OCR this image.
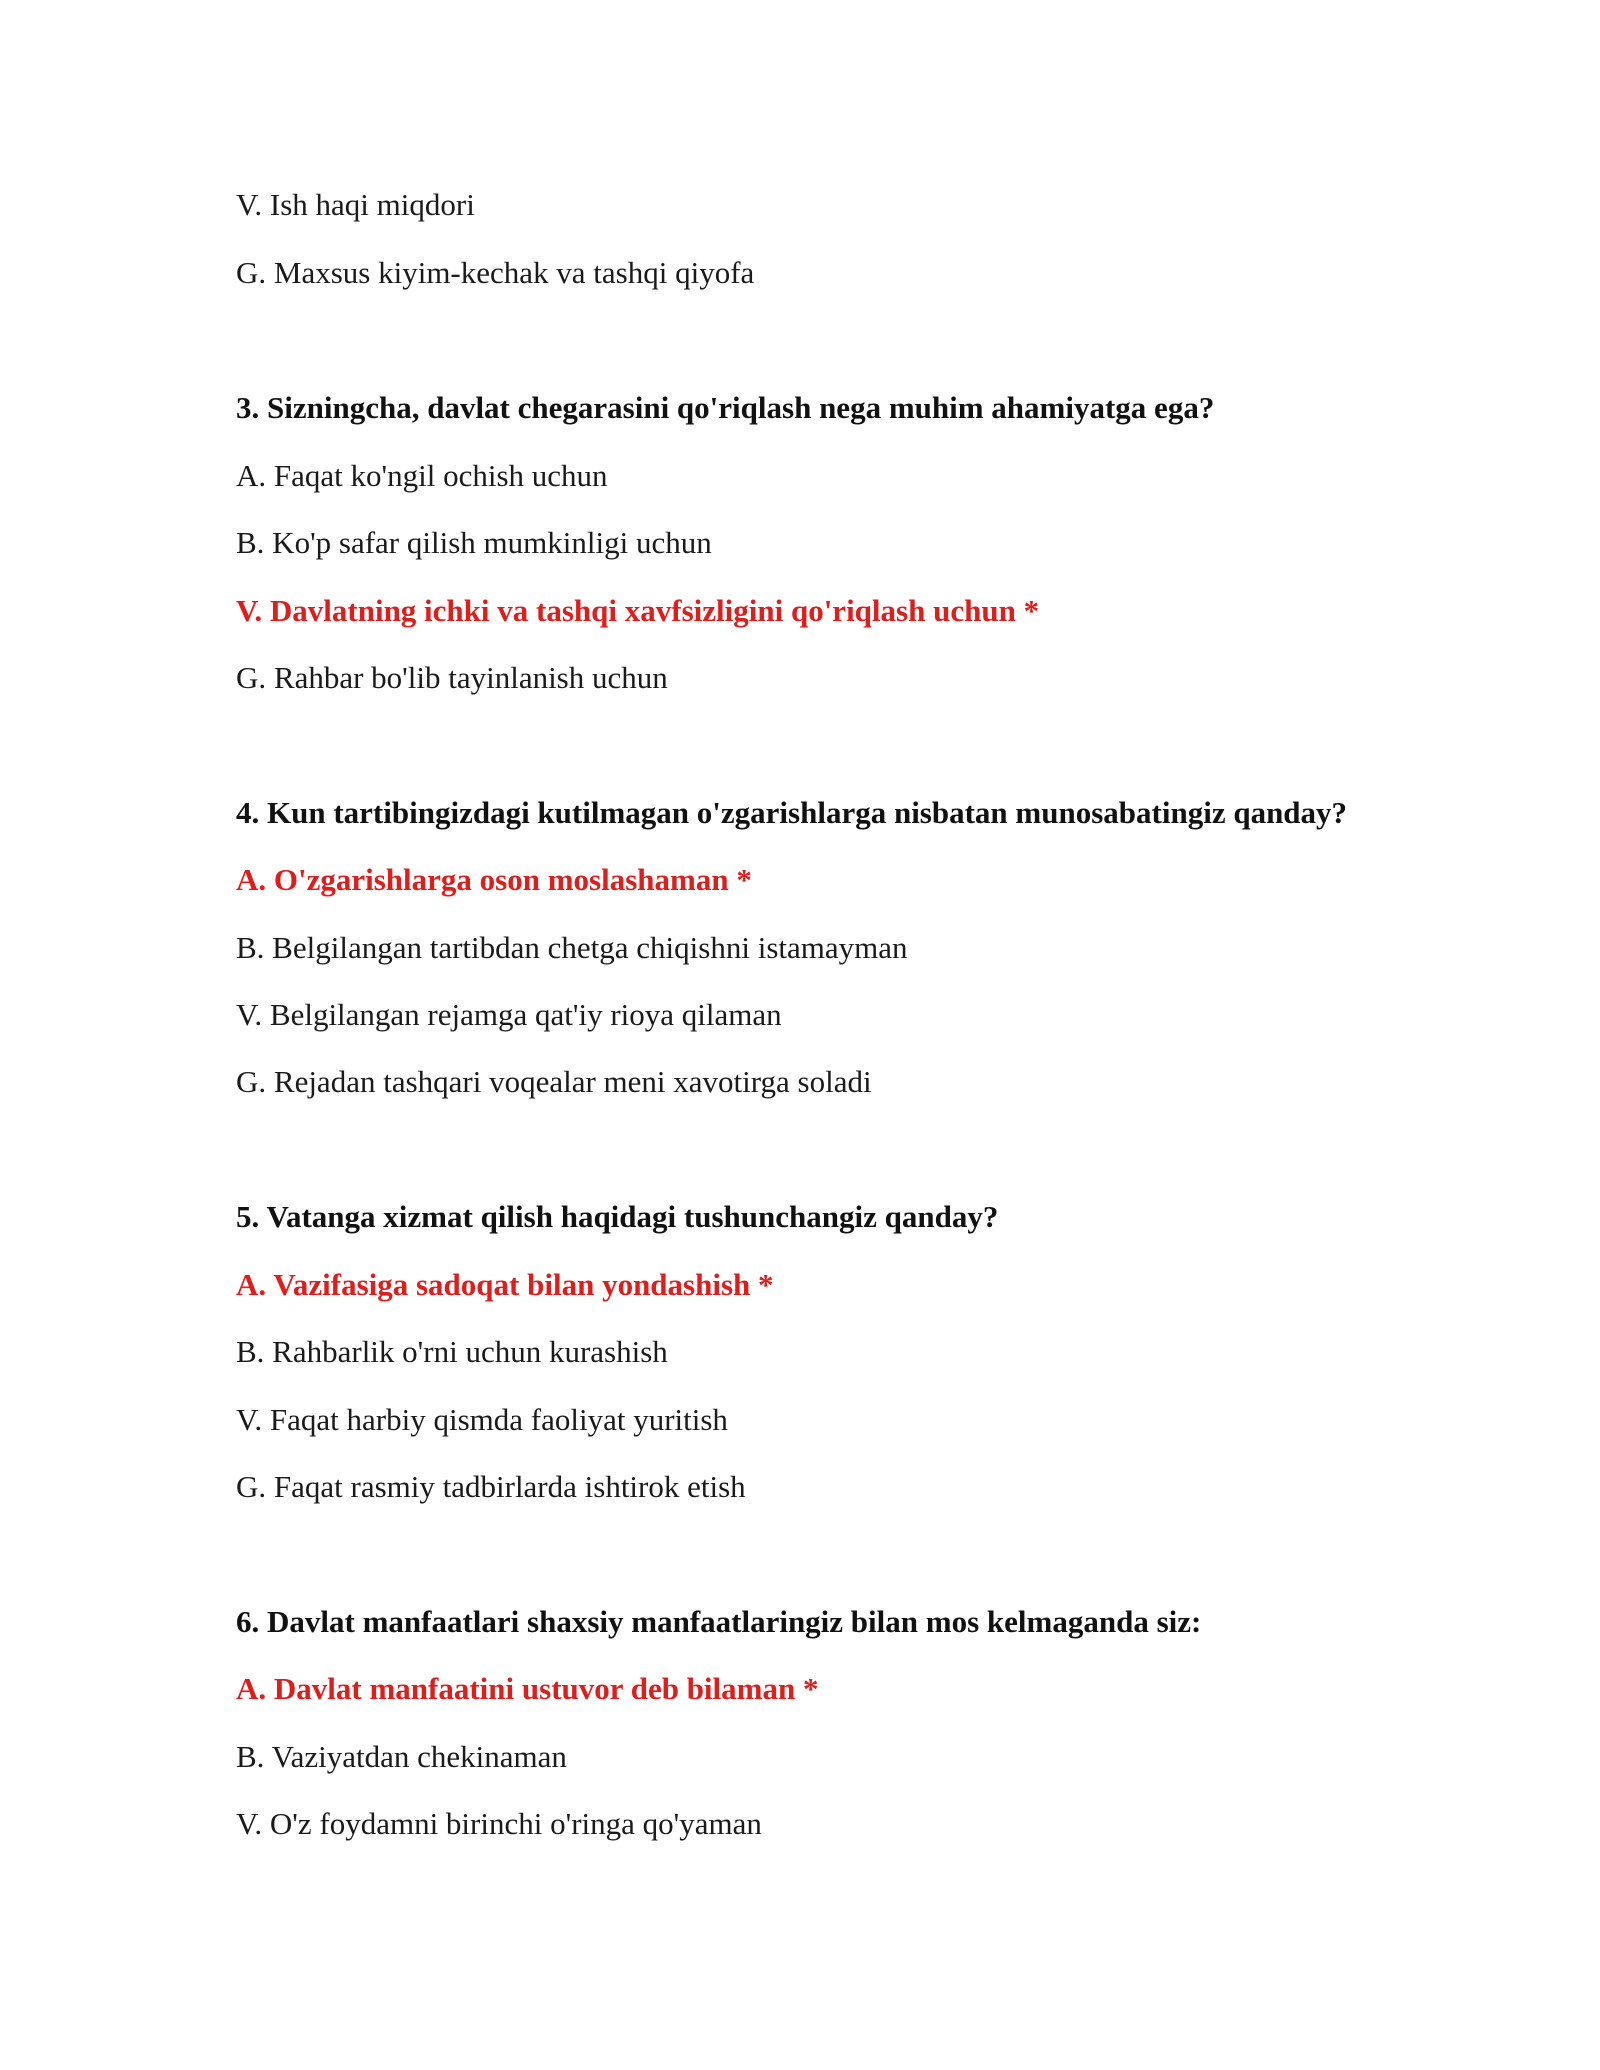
V. Ish haqi miqdori
G. Maxsus kiyim-kechak va tashqi qiyofa
3. Sizningcha, davlat chegarasini qo'riqlash nega muhim ahamiyatga ega?
A. Faqat ko'ngil ochish uchun
B. Ko'p safar qilish mumkinligi uchun
V. Davlatning ichki va tashqi xavfsizligini qo'riqlash uchun *
G. Rahbar bo'lib tayinlanish uchun
4. Kun tartibingizdagi kutilmagan o'zgarishlarga nisbatan munosabatingiz qanday?
A. O'zgarishlarga oson moslashaman *
B. Belgilangan tartibdan chetga chiqishni istamayman
V. Belgilangan rejamga qat'iy rioya qilaman
G. Rejadan tashqari voqealar meni xavotirga soladi
5. Vatanga xizmat qilish haqidagi tushunchangiz qanday?
A. Vazifasiga sadoqat bilan yondashish *
B. Rahbarlik o'rni uchun kurashish
V. Faqat harbiy qismda faoliyat yuritish
G. Faqat rasmiy tadbirlarda ishtirok etish
6. Davlat manfaatlari shaxsiy manfaatlaringiz bilan mos kelmaganda siz:
A. Davlat manfaatini ustuvor deb bilaman *
B. Vaziyatdan chekinaman
V. O'z foydamni birinchi o'ringa qo'yaman
